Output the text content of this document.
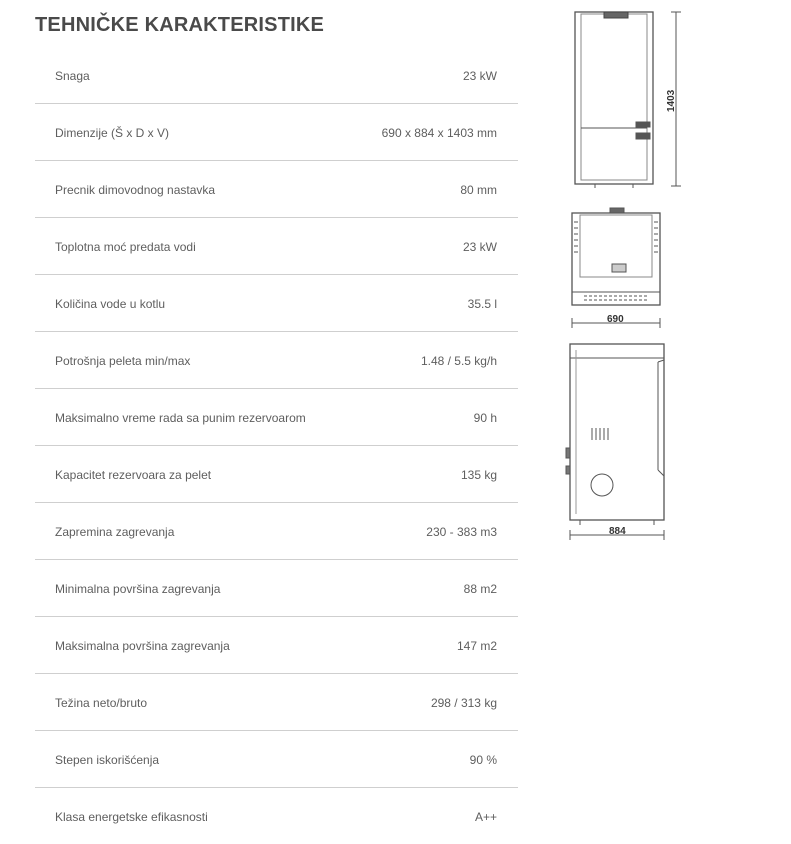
TEHNIČKE KARAKTERISTIKE
Snaga	23 kW
Dimenzije (Š x D x V)	690 x 884 x 1403 mm
Precnik dimovodnog nastavka	80 mm
Toplotna moć predata vodi	23 kW
Količina vode u kotlu	35.5 l
Potrošnja peleta min/max	1.48 / 5.5 kg/h
Maksimalno vreme rada sa punim rezervoarom	90 h
Kapacitet rezervoara za pelet	135 kg
Zapremina zagrevanja	230 - 383 m3
Minimalna površina zagrevanja	88 m2
Maksimalna površina zagrevanja	147 m2
Težina neto/bruto	298 / 313 kg
Stepen iskorišćenja	90 %
Klasa energetske efikasnosti	A++
1403
690
884
